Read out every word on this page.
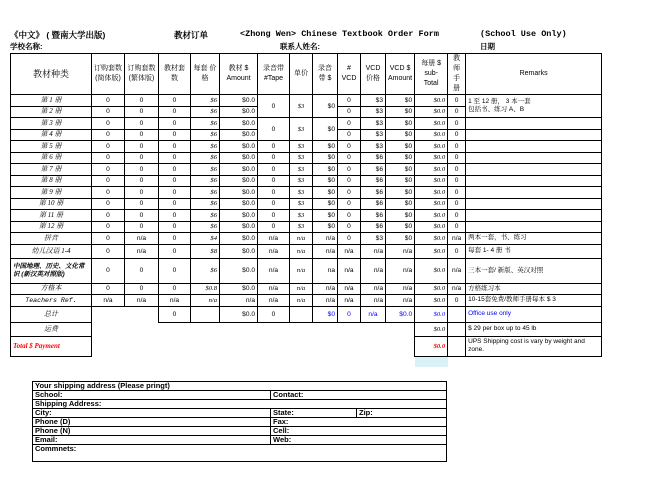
《中文》 ( 暨南大学出版)	教材订单	<Zhong Wen> Chinese Textbook Order Form	(School Use Only)
学校名称:	联系人姓名:	日期
教材种类	订购套数 (简体版)	订购套数 (繁体版)	教材套数	每套 价格	教材 $ Amount	录音带 #Tape	单价	录音带 $	# VCD	VCD 价格	VCD $ Amount	每册 $ sub-Total	教师手册	Remarks
第 1 册	0	0	0	$6	$0.0	0	$3	$0	0	$3	$0	$0.0	0	1 至 12 册， 3 本一套
包括书、练习 A、B

第 2 册	0	0	0	$6	$0.0				0	$3	$0	$0.0	0	
第 3 册	0	0	0	$6	$0.0	0	$3	$0	0	$3	$0	$0.0	0	
第 4 册	0	0	0	$6	$0.0				0	$3	$0	$0.0	0	
第 5 册	0	0	0	$6	$0.0	0	$3	$0	0	$3	$0	$0.0	0	
第 6 册	0	0	0	$6	$0.0	0	$3	$0	0	$6	$0	$0.0	0	
第 7 册	0	0	0	$6	$0.0	0	$3	$0	0	$6	$0	$0.0	0	
第 8 册	0	0	0	$6	$0.0	0	$3	$0	0	$6	$0	$0.0	0	
第 9 册	0	0	0	$6	$0.0	0	$3	$0	0	$6	$0	$0.0	0	
第 10 册	0	0	0	$6	$0.0	0	$3	$0	0	$6	$0	$0.0	0	
第 11 册	0	0	0	$6	$0.0	0	$3	$0	0	$6	$0	$0.0	0	
第 12 册	0	0	0	$6	$0.0	0	$3	$0	0	$6	$0	$0.0	0	
拼音	0	n/a	0	$4	$0.0	n/a	n/a	n/a	0	$3	$0	$0.0	n/a	两本一套，书、练习
幼儿汉语 1-4	0	n/a	0	$8	$0.0	n/a	n/a	n/a	n/a	n/a	n/a	$0.0	0	每套 1- 4 册 书
中国地理、历史、文化常识 (新汉英对照版)	0	0	0	$6	$0.0	n/a	n/a	na	n/a	n/a	n/a	$0.0	n/a	三本一套/ 新版、英汉对照
方格本	0	0	0	$0.8	$0.0	n/a	n/a	n/a	n/a	n/a	n/a	$0.0	n/a	方格练习本
Teachers Ref.	n/a	n/a	n/a	n/a	n/a	n/a	n/a	n/a	n/a	n/a	n/a	$0.0	0	10-15套免费/教师手册每本 $ 3
总计			0		$0.0	0		$0	0	n/a	$0.0	$0.0		Office use only
运费												$0.0		$ 29 per box up to 45 lb
Total $ Payment												$0.0		UPS Shipping cost is vary by weight and zone.

Your shipping address (Please pringt)		
School:	Contact:	
Shipping Address:		
City:	State:	Zip:
Phone (D)	Fax:	
Phone (N)	Cell:	
Email:	Web:	
Commnets:		
